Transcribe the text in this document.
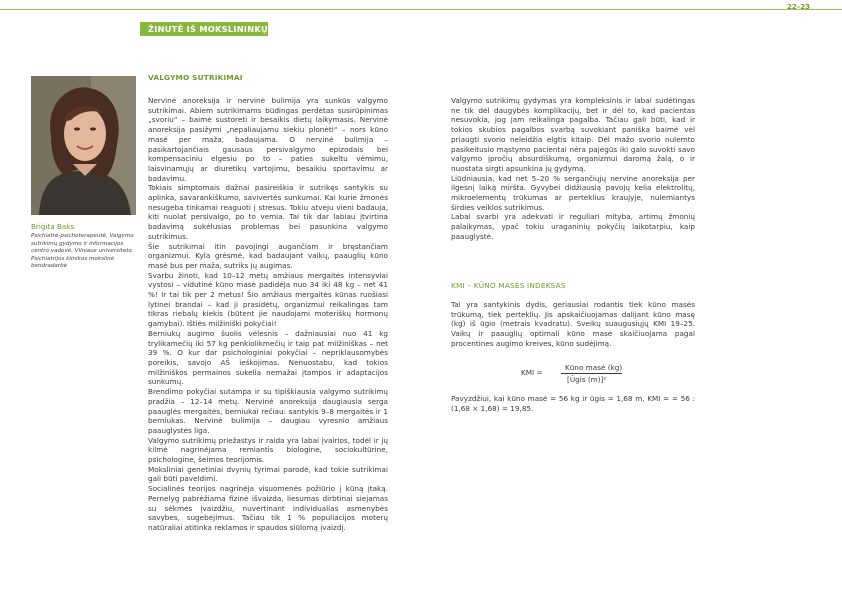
ŽINUTĖ IŠ MOKSLININKŲ
22–23
Brigita Baks
Psichiatrė-psichoterapeutė, Valgymo sutrikimų gydymo ir informacijos centro vadovė, Vilniaus universiteto Psichiatrijos klinikos mokslinė bendradarbė
VALGYMO SUTRIKIMAI

Nervinė anoreksija ir nervinė bulimija yra sunkūs valgymo sutrikimai. Abiem sutrikimams būdingas perdėtas susirūpinimas „svoriu“ – baimė sustoreti ir besaikis dietų laikymasis. Nervinė anoreksija pasižymi „nepaliaujamu siekiu plonėti“ – nors kūno masė per maža, badaujama. O nervinė bulimija – pasikartojančiais gausaus persivalgymo epizodais bei kompensaciniu elgesiu po to – paties sukeltu vėmimu, laisvinamųjų ar diuretikų vartojimu, besaikiu sportavimu ar badavimu.

Tokiais simptomais dažnai pasireiškia ir sutrikęs santykis su aplinka, savarankiškumo, savivertės sunkumai. Kai kurie žmonės nesugeba tinkamai reaguoti į stresus. Tokiu atveju vieni badauja, kiti nuolat persivalgo, po to vemia. Tai tik dar labiau įtvirtina badavimą sukėlusias problemas bei pasunkina valgymo sutrikimus.

Šie sutrikimai itin pavojingi augančiam ir bręstančiam organizmui. Kyla grėsmė, kad badaujant vaikų, paauglių kūno masė bus per maža, sutriks jų augimas.

Svarbu žinoti, kad 10–12 metų amžiaus mergaitės intensyviai vystosi – vidutinė kūno masė padidėja nuo 34 iki 48 kg – net 41 %! Ir tai tik per 2 metus! Šio amžiaus mergaitės kūnas ruošiasi lytinei brandai – kad ji prasidėtų, organizmui reikalingas tam tikras riebalų kiekis (būtent jie naudojami moteriškų hormonų gamybai). Ištiės milžiniški pokyčiai!

Berniukų augimo šuolis vėlesnis – dažniausiai nuo 41 kg trylikamečių iki 57 kg penkiolikmečių ir taip pat milžiniškas – net 39 %. O kur dar psichologiniai pokyčiai – nepriklausomybės poreikis, savojo AŠ ieškojimas. Nenuostabu, kad tokios milžiniškos permainos sukelia nemažai įtampos ir adaptacijos sunkumų.

Brendimo pokyčiai sutampa ir su tipiškiausia valgymo sutrikimų pradžia – 12–14 metų. Nervinė anoreksija daugiausia serga paauglės mergaitės, berniukai rečiau: santykis 9–8 mergaitės ir 1 berniukas. Nervinė bulimija – daugiau vyresnio amžiaus paauglystės liga.

Valgymo sutrikimų priežastys ir raida yra labai įvairios, todėl ir jų kilmė nagrinėjama remiantis biologine, sociokultūrine, psichologine, šeimos teorijomis.

Moksliniai genetiniai dvynių tyrimai parodė, kad tokie sutrikimai gali būti paveldimi.

Socialinės teorijos nagrinėja visuomenės požiūrio į kūną įtaką. Pernelyg pabrėžiama fizinė išvaizda, liesumas dirbtinai siejamas su sėkmės įvaizdžiu, nuvertinant individualias asmenybės savybes, sugebėjimus. Tačiau tik 1 % populiacijos moterų natūraliai atitinka reklamos ir spaudos siūlomą įvaizdį.

Valgymo sutrikimų gydymas yra kompleksinis ir labai sudėtingas ne tik dėl daugybės komplikacijų, bet ir dėl to, kad pacientas nesuvokia, jog jam reikalinga pagalba. Tačiau gali būti, kad ir tokios skubios pagalbos svarbą suvokiant paniška baimė vėl priaugti svorio neleidžia elgtis kitaip. Dėl mažo svorio nulemto pasikeitusio mąstymo pacientai nėra pajėgūs iki galo suvokti savo valgymo įpročių absurdiškumą, organizmui daromą žalą, o ir nuostata sirgti apsunkina jų gydymą.

Liūdniausia, kad net 5–20 % sergančiųjų nervine anoreksija per ilgesnį laiką miršta. Gyvybei didžiausią pavojų kelia elektrolitų, mikroelementų trūkumas ar perteklius kraujyje, nulemiantys širdies veiklos sutrikimus.

Labai svarbi yra adekvati ir reguliari mityba, artimų žmonių palaikymas, ypač tokiu uraganinių pokyčių laikotarpiu, kaip paauglystė.

KMI – KŪNO MASĖS INDEKSAS

Tai yra santykinis dydis, geriausiai rodantis tiek kūno masės trūkumą, tiek perteklių. Jis apskaičiuojamas dalijant kūno masę (kg) iš ūgio (metrais kvadratu). Sveikų suaugusiųjų KMI 19–25. Vaikų ir paauglių optimali kūno masė skaičiuojama pagal procentines augimo kreives, kūno sudėjimą.

KMI =
Kūno masė (kg)
[Ūgis (m)]²

Pavyzdžiui, kai kūno masė = 56 kg ir ūgis = 1,68 m, KMI = = 56 : (1,68 × 1,68) = 19,85.
